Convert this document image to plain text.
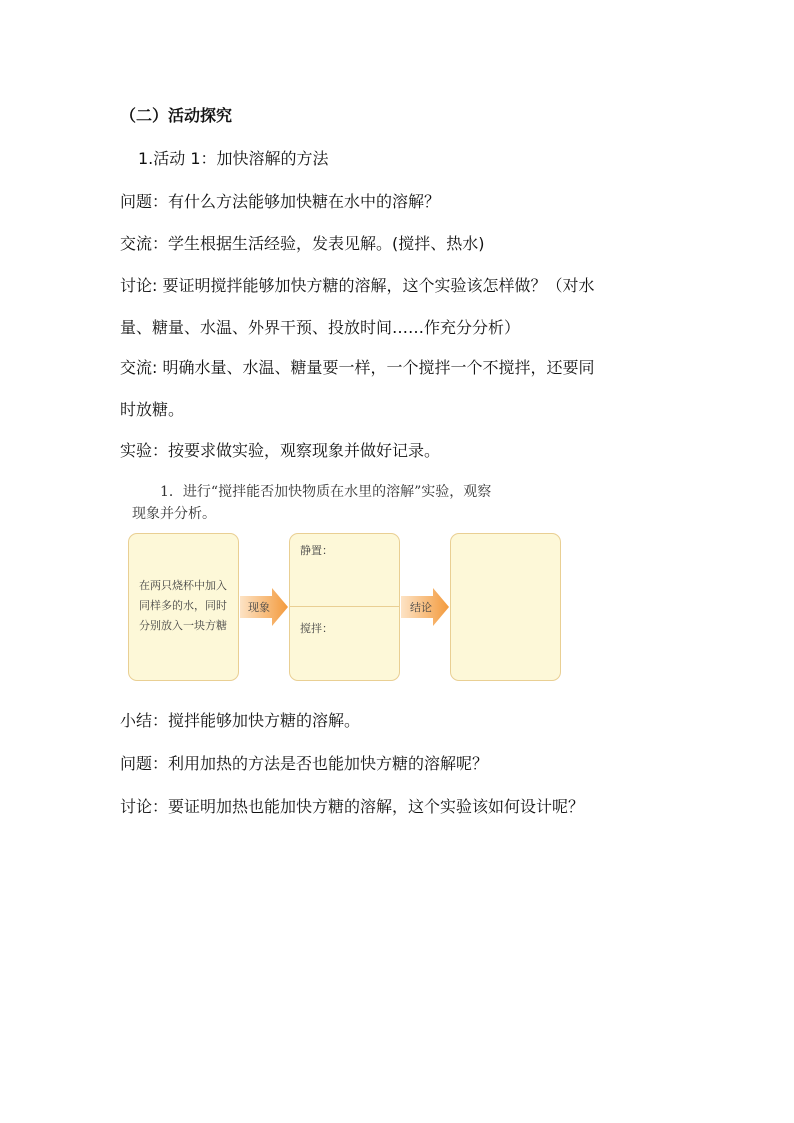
（二）活动探究
1.活动 1：加快溶解的方法
问题：有什么方法能够加快糖在水中的溶解？
交流：学生根据生活经验，发表见解。(搅拌、热水)
讨论: 要证明搅拌能够加快方糖的溶解，这个实验该怎样做？（对水
量、糖量、水温、外界干预、投放时间……作充分分析）
交流: 明确水量、水温、糖量要一样，一个搅拌一个不搅拌，还要同
时放糖。
实验：按要求做实验，观察现象并做好记录。
1．进行“搅拌能否加快物质在水里的溶解”实验，观察
现象并分析。
在两只烧杯中加入同样多的水，同时分别放入一块方糖
现象
静置：
搅拌：
结论
小结：搅拌能够加快方糖的溶解。
问题：利用加热的方法是否也能加快方糖的溶解呢？
讨论：要证明加热也能加快方糖的溶解，这个实验该如何设计呢？
